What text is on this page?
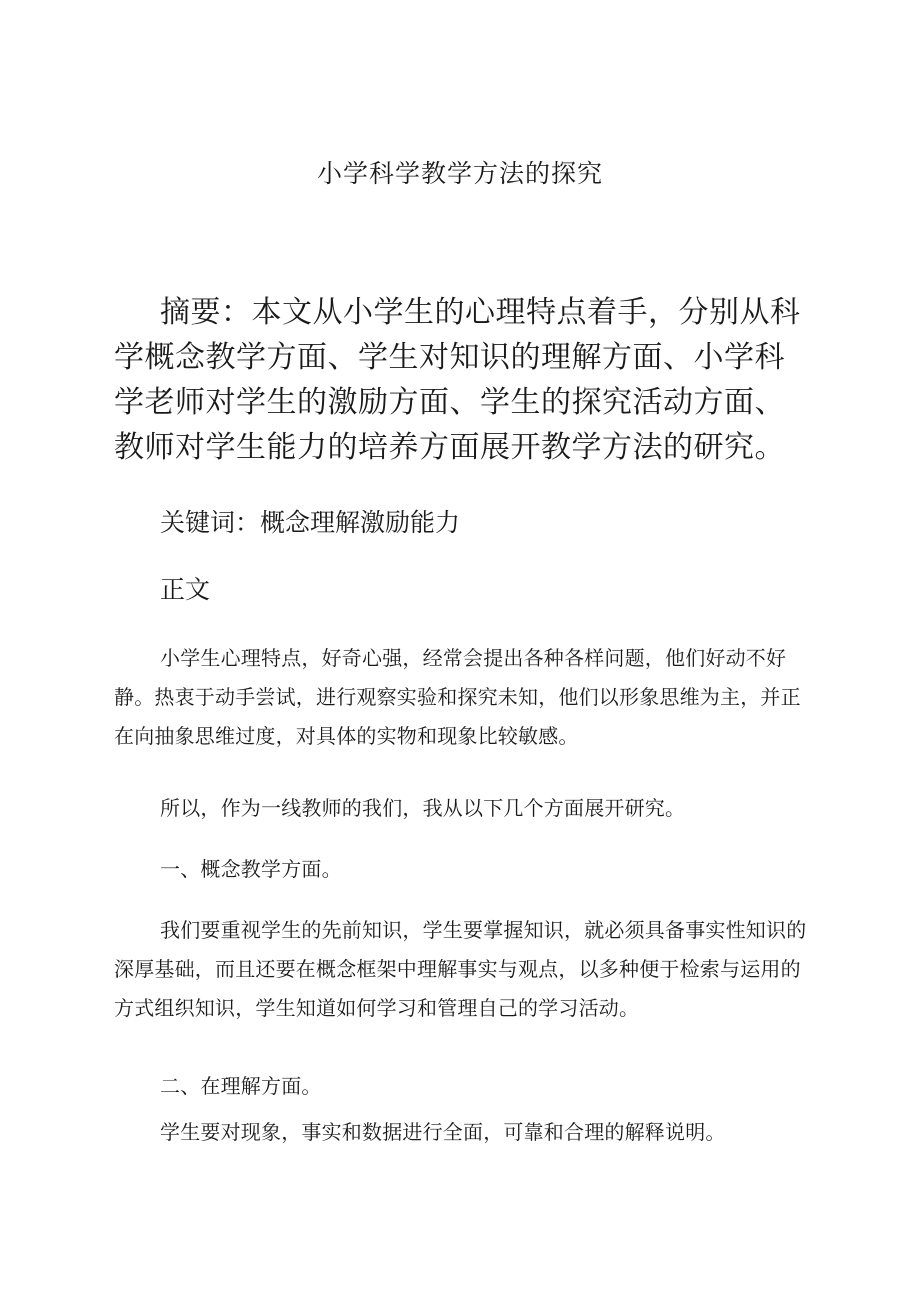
小学科学教学方法的探究
摘要：本文从小学生的心理特点着手，分别从科学概念教学方面、学生对知识的理解方面、小学科学老师对学生的激励方面、学生的探究活动方面、教师对学生能力的培养方面展开教学方法的研究。
关键词：概念理解激励能力
正文
小学生心理特点，好奇心强，经常会提出各种各样问题，他们好动不好静。热衷于动手尝试，进行观察实验和探究未知，他们以形象思维为主，并正在向抽象思维过度，对具体的实物和现象比较敏感。
所以，作为一线教师的我们，我从以下几个方面展开研究。
一、概念教学方面。
我们要重视学生的先前知识，学生要掌握知识，就必须具备事实性知识的深厚基础，而且还要在概念框架中理解事实与观点，以多种便于检索与运用的方式组织知识，学生知道如何学习和管理自己的学习活动。
二、在理解方面。
学生要对现象，事实和数据进行全面，可靠和合理的解释说明。
